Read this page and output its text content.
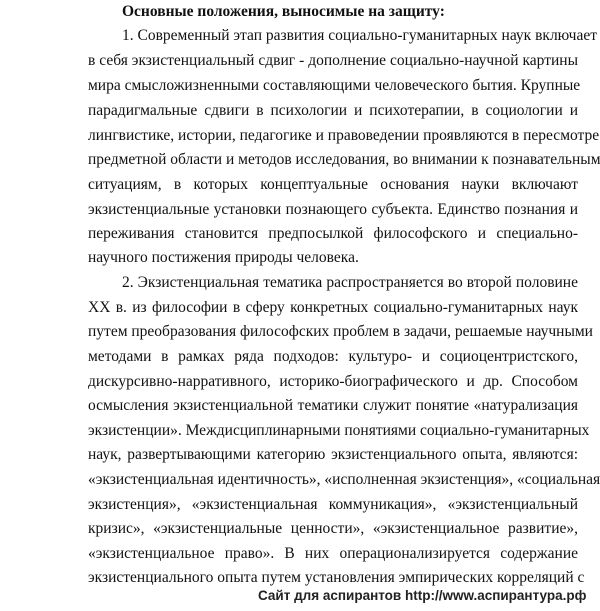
Основные положения, выносимые на защиту:
1. Современный этап развития социально-гуманитарных наук включает
в себя экзистенциальный сдвиг - дополнение социально-научной картины
мира смысложизненными составляющими человеческого бытия. Крупные
парадигмальные сдвиги в психологии и психотерапии, в социологии и
лингвистике, истории, педагогике и правоведении проявляются в пересмотре
предметной области и методов исследования, во внимании к познавательным
ситуациям, в которых концептуальные основания науки включают
экзистенциальные установки познающего субъекта. Единство познания и
переживания становится предпосылкой философского и специально-
научного постижения природы человека.
2. Экзистенциальная тематика распространяется во второй половине
XX в. из философии в сферу конкретных социально-гуманитарных наук
путем преобразования философских проблем в задачи, решаемые научными
методами в рамках ряда подходов: культуро- и социоцентристского,
дискурсивно-нарративного, историко-биографического и др. Способом
осмысления экзистенциальной тематики служит понятие «натурализация
экзистенции». Междисциплинарными понятиями социально-гуманитарных
наук, развертывающими категорию экзистенциального опыта, являются:
«экзистенциальная идентичность», «исполненная экзистенция», «социальная
экзистенция», «экзистенциальная коммуникация», «экзистенциальный
кризис», «экзистенциальные ценности», «экзистенциальное развитие»,
«экзистенциальное право». В них операционализируется содержание
экзистенциального опыта путем установления эмпирических корреляций с
Сайт для аспирантов http://www.аспирантура.рф
